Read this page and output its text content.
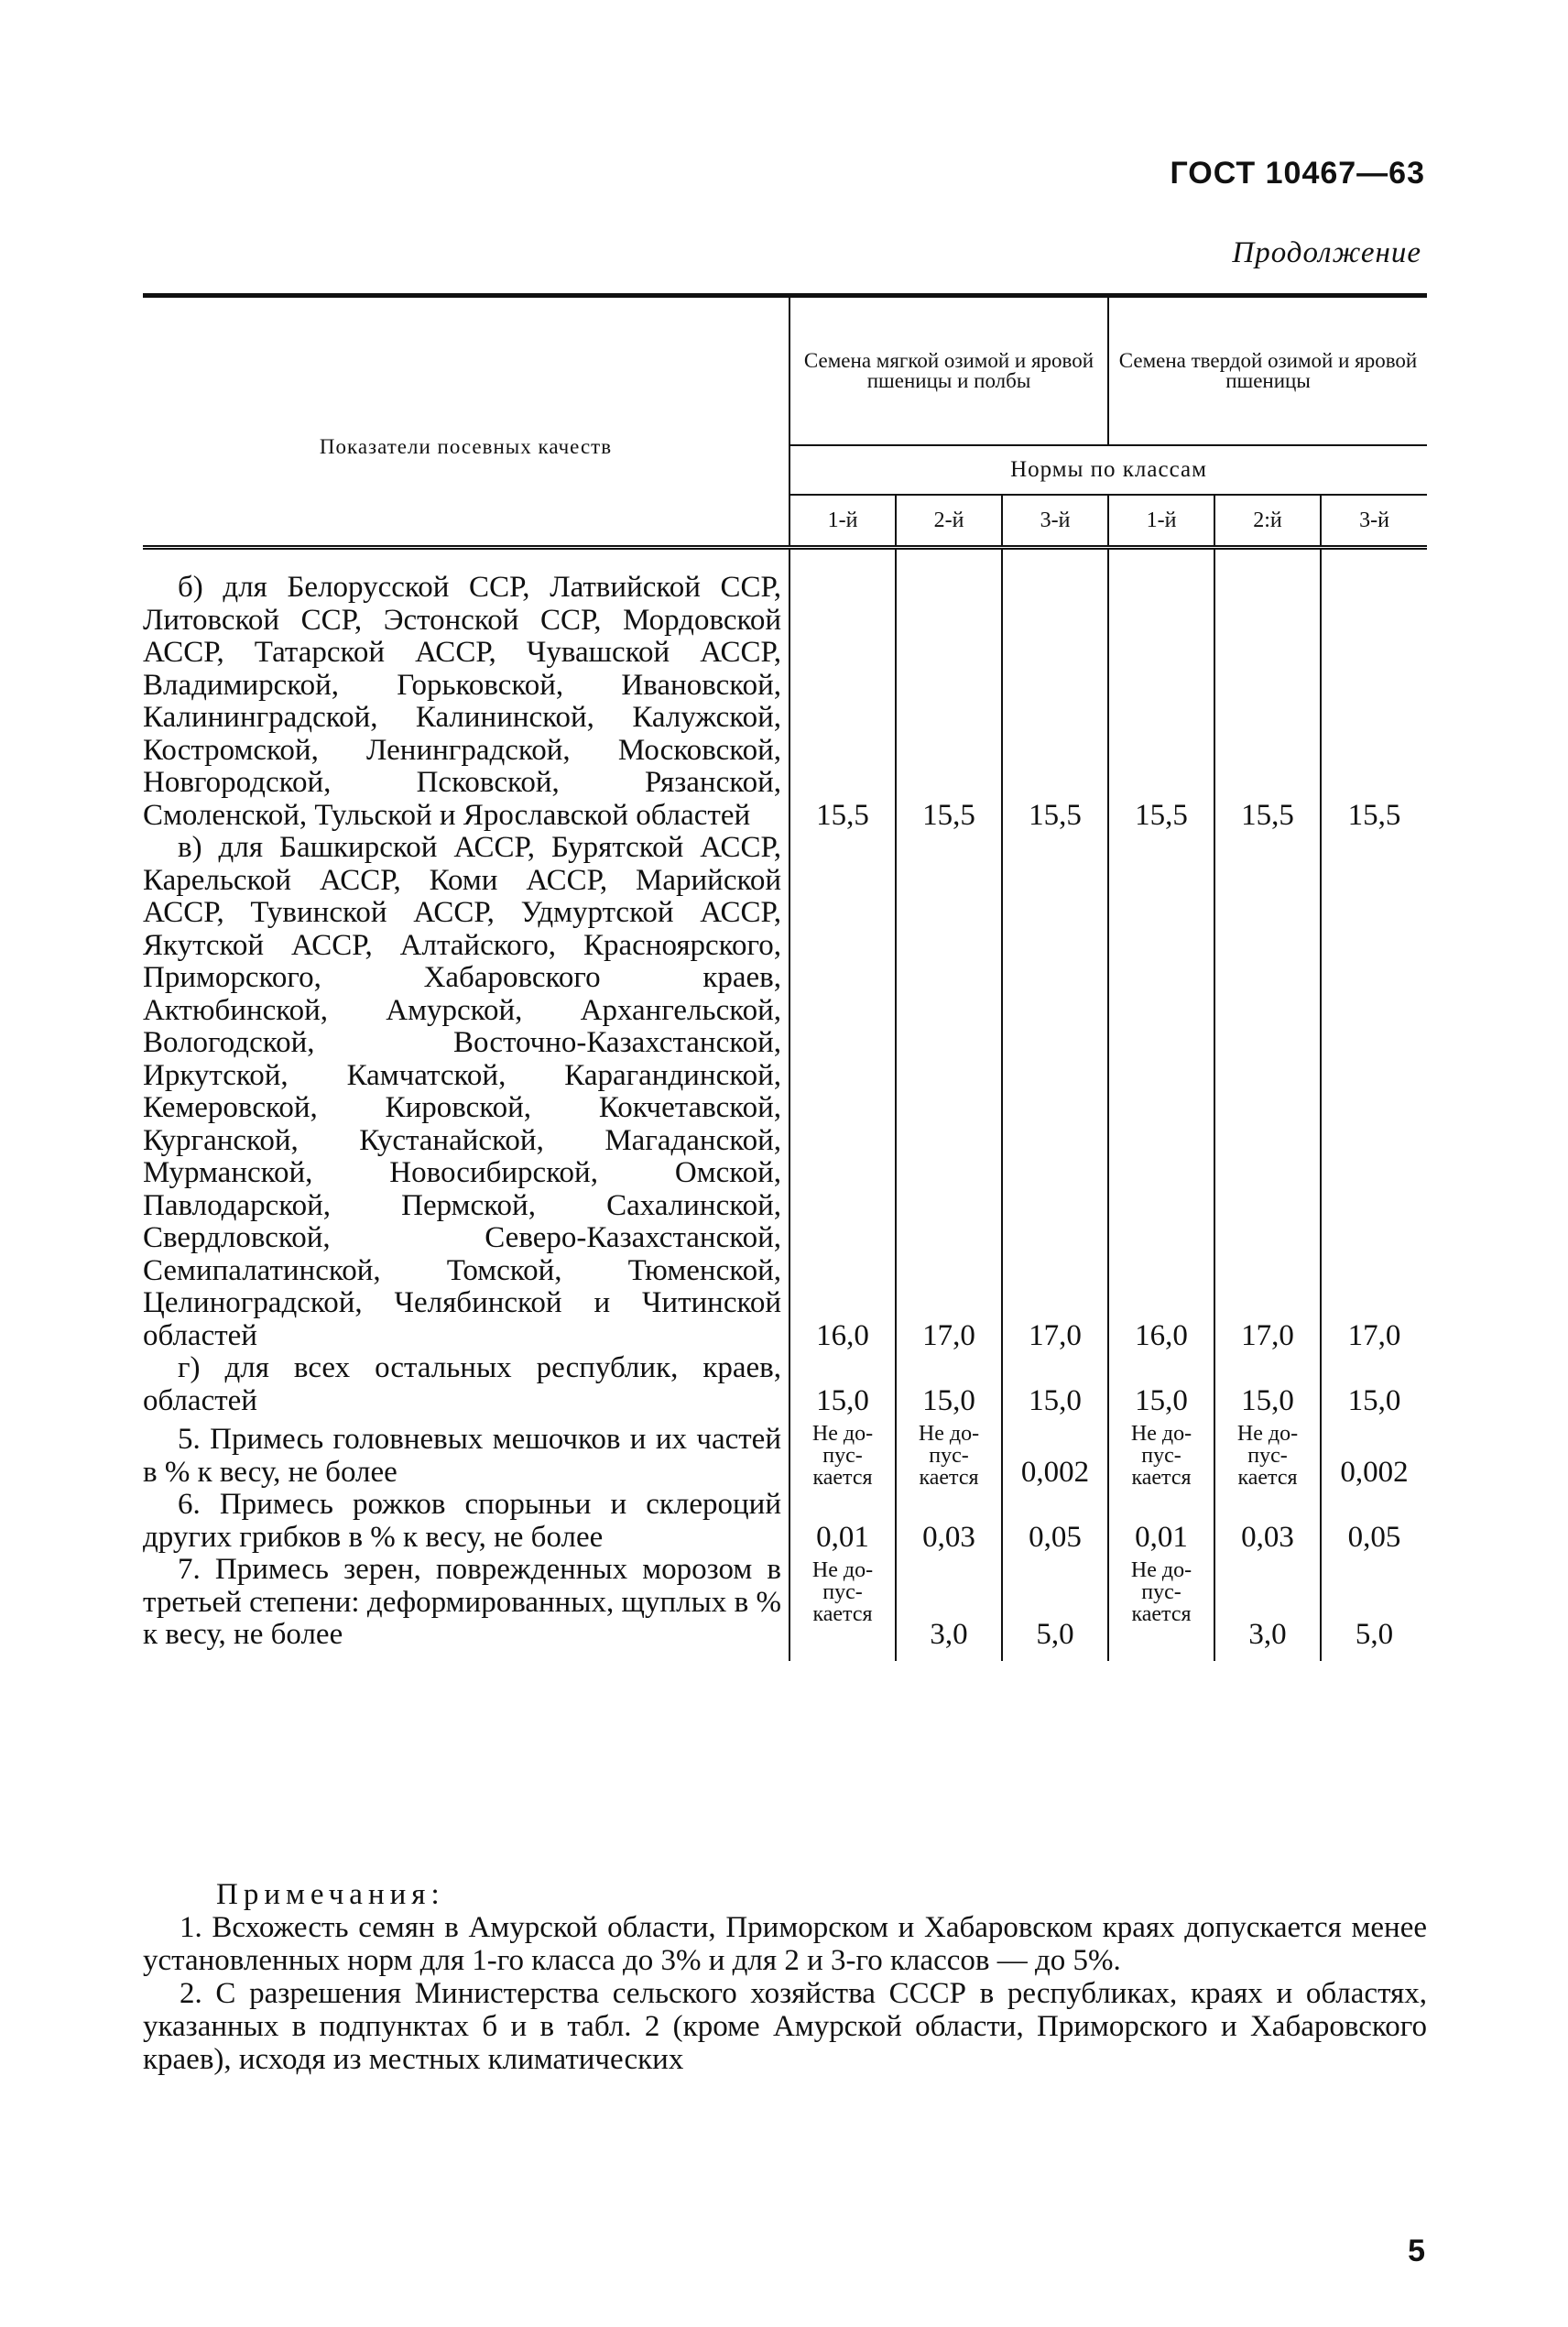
ГОСТ 10467—63
Продолжение
Показатели посевных качеств	Семена мягкой озимой и яровой пшеницы и полбы			Семена твердой озимой и яровой пшеницы		
	Нормы по классам					
	1-й	2-й	3-й	1-й	2:й	3-й

б) для Белорусской ССР, Латвийской ССР, Литовской ССР, Эстонской ССР, Мордовской АССР, Татарской АССР, Чувашской АССР, Владимирской, Горьковской, Ивановской, Калининградской, Калининской, Калужской, Костромской, Ленинградской, Московской, Новгородской, Псковской, Рязанской, Смоленской, Тульской и Ярославской областей	15,5	15,5	15,5	15,5	15,5	15,5

в) для Башкирской АССР, Бурятской АССР, Карельской АССР, Коми АССР, Марийской АССР, Тувинской АССР, Удмуртской АССР, Якутской АССР, Алтайского, Красноярского, Приморского, Хабаровского краев, Актюбинской, Амурской, Архангельской, Вологодской, Восточно-Казахстанской, Иркутской, Камчатской, Карагандинской, Кемеровской, Кировской, Кокчетавской, Курганской, Кустанайской, Магаданской, Мурманской, Новосибирской, Омской, Павлодарской, Пермской, Сахалинской, Свердловской, Северо-Казахстанской, Семипалатинской, Томской, Тюменской, Целиноградской, Челябинской и Читинской областей	16,0	17,0	17,0	16,0	17,0	17,0

г) для всех остальных республик, краев, областей	15,0	15,0	15,0	15,0	15,0	15,0

5. Примесь головневых мешочков и их частей в % к весу, не более	Не до-
пус-
кается	Не до-
пус-
кается	0,002	Не до-
пус-
кается	Не до-
пус-
кается	0,002

6. Примесь рожков спорыньи и склероций других грибков в % к весу, не более	0,01	0,03	0,05	0,01	0,03	0,05

7. Примесь зерен, поврежденных морозом в третьей степени: деформированных, щуплых в % к весу, не более	Не до-
пус-
кается	3,0	5,0	Не до-
пус-
кается	3,0	5,0
Примечания:
1. Всхожесть семян в Амурской области, Приморском и Хабаровском краях допускается менее установленных норм для 1-го класса до 3% и для 2 и 3-го классов — до 5%.
2. С разрешения Министерства сельского хозяйства СССР в республиках, краях и областях, указанных в подпунктах б и в табл. 2 (кроме Амурской области, Приморского и Хабаровского краев), исходя из местных климатических
5
